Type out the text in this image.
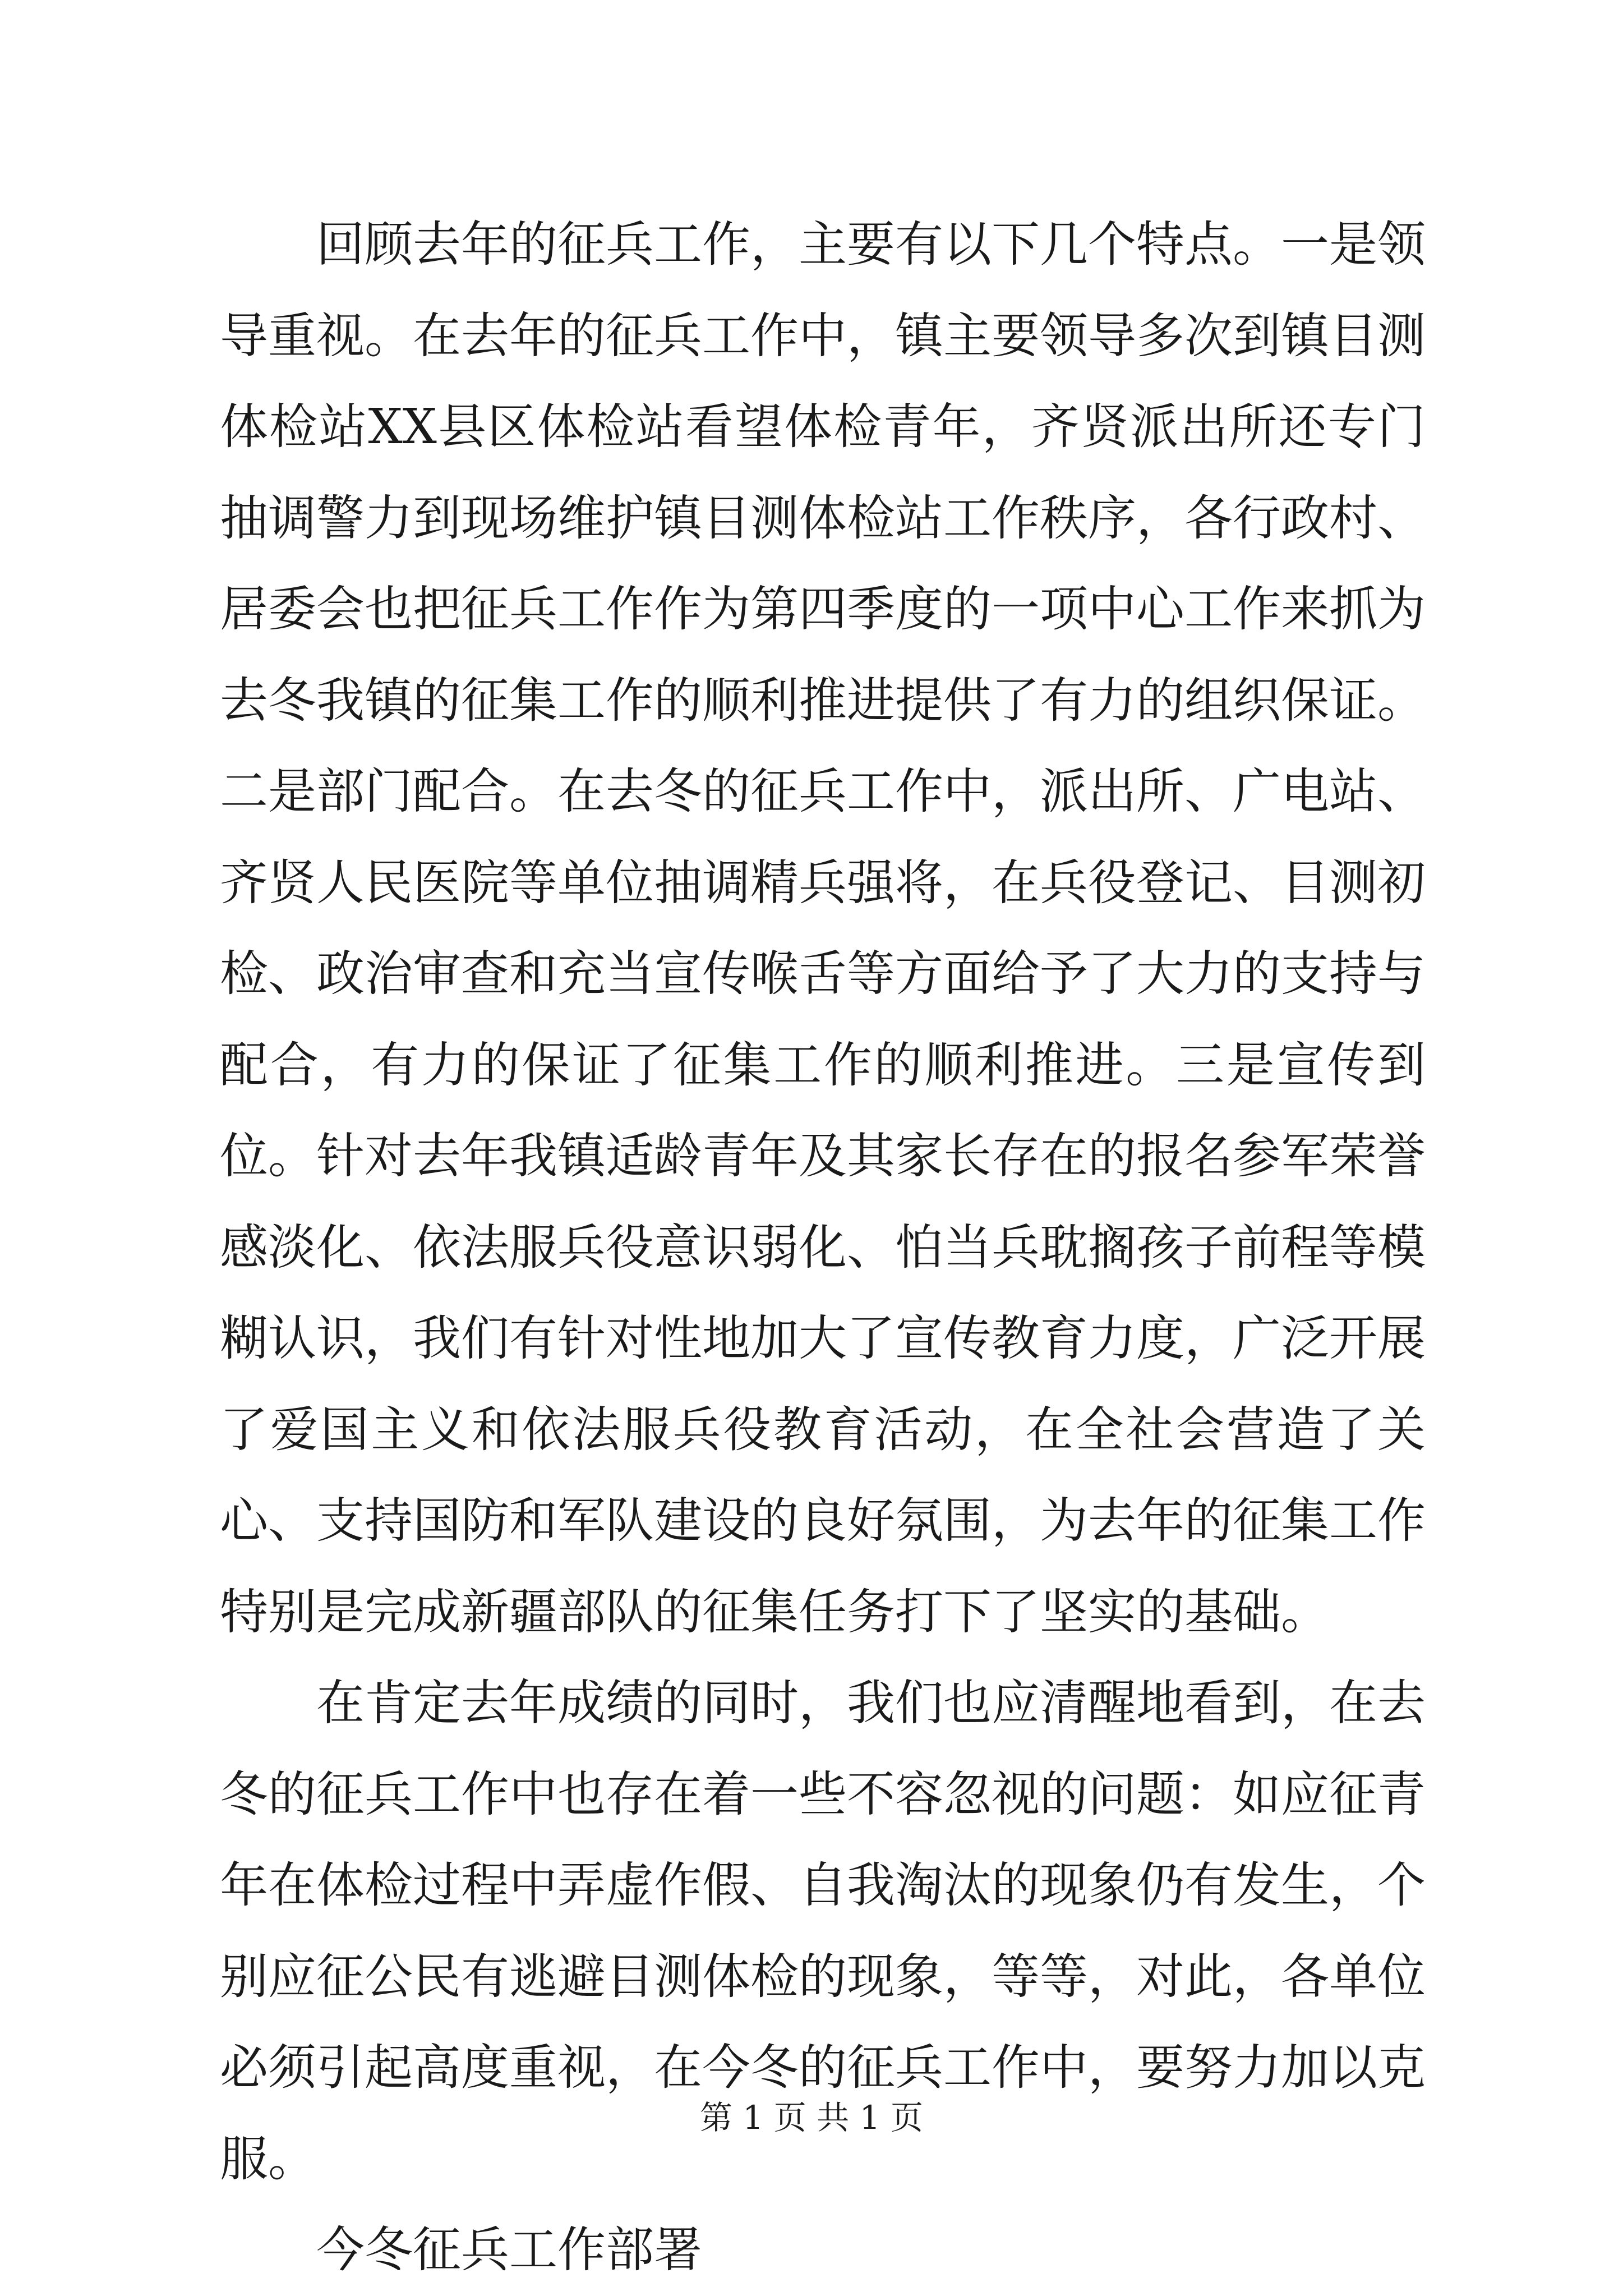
回顾去年的征兵工作，主要有以下几个特点。一是领导重视。在去年的征兵工作中，镇主要领导多次到镇目测体检站XX县区体检站看望体检青年，齐贤派出所还专门抽调警力到现场维护镇目测体检站工作秩序，各行政村、居委会也把征兵工作作为第四季度的一项中心工作来抓为去冬我镇的征集工作的顺利推进提供了有力的组织保证。二是部门配合。在去冬的征兵工作中，派出所、广电站、齐贤人民医院等单位抽调精兵强将，在兵役登记、目测初检、政治审查和充当宣传喉舌等方面给予了大力的支持与配合，有力的保证了征集工作的顺利推进。三是宣传到位。针对去年我镇适龄青年及其家长存在的报名参军荣誉感淡化、依法服兵役意识弱化、怕当兵耽搁孩子前程等模糊认识，我们有针对性地加大了宣传教育力度，广泛开展了爱国主义和依法服兵役教育活动，在全社会营造了关心、支持国防和军队建设的良好氛围，为去年的征集工作特别是完成新疆部队的征集任务打下了坚实的基础。

在肯定去年成绩的同时，我们也应清醒地看到，在去冬的征兵工作中也存在着一些不容忽视的问题：如应征青年在体检过程中弄虚作假、自我淘汰的现象仍有发生，个别应征公民有逃避目测体检的现象，等等，对此，各单位必须引起高度重视，在今冬的征兵工作中，要努力加以克服。

今冬征兵工作部署

第 1 页 共 1 页
